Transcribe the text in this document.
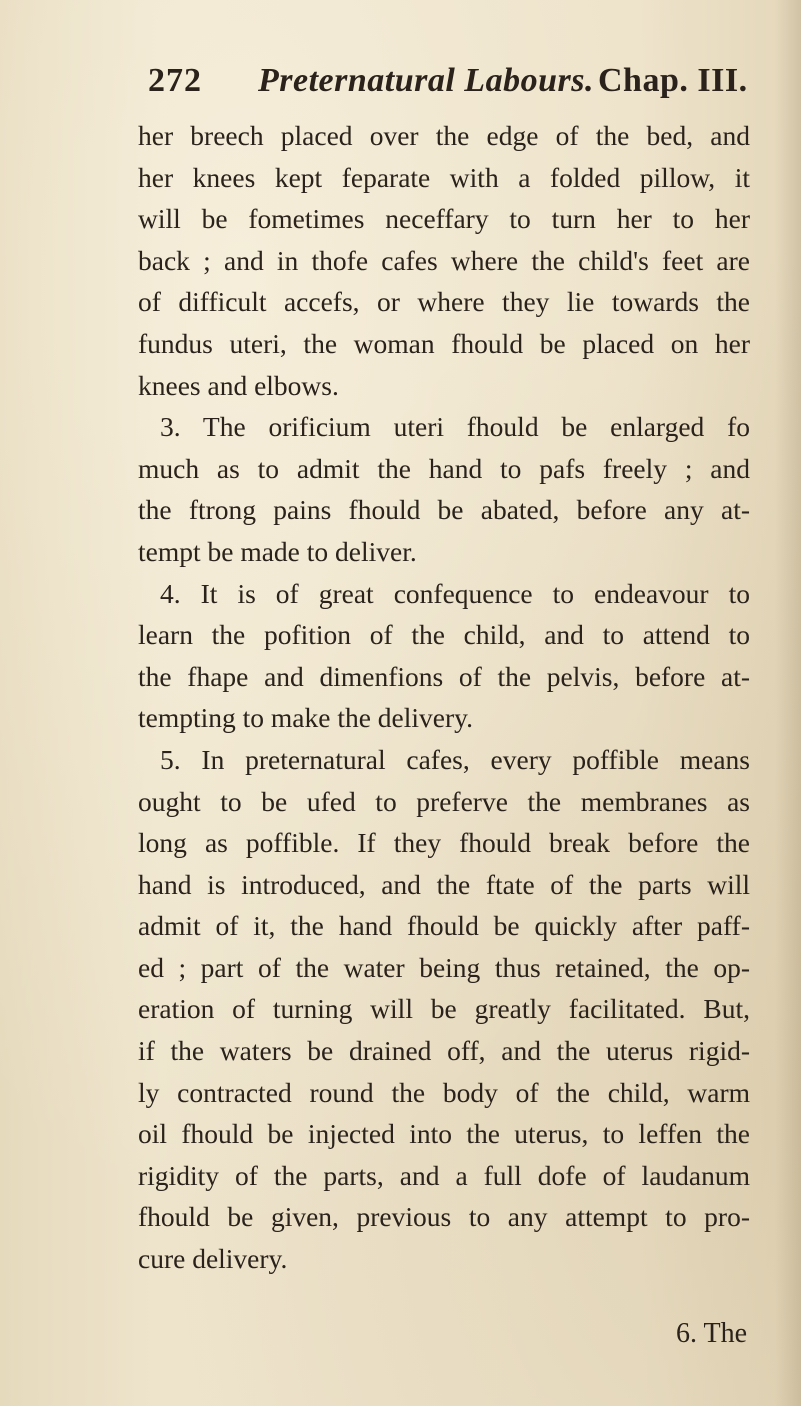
272 Preternatural Labours. Chap. III.
her breech placed over the edge of the bed, and
her knees kept feparate with a folded pillow, it
will be fometimes neceffary to turn her to her
back ; and in thofe cafes where the child's feet are
of difficult accefs, or where they lie towards the
fundus uteri, the woman fhould be placed on her
knees and elbows.
3. The orificium uteri fhould be enlarged fo
much as to admit the hand to pafs freely ; and
the ftrong pains fhould be abated, before any at-
tempt be made to deliver.
4. It is of great confequence to endeavour to
learn the pofition of the child, and to attend to
the fhape and dimenfions of the pelvis, before at-
tempting to make the delivery.
5. In preternatural cafes, every poffible means
ought to be ufed to preferve the membranes as
long as poffible. If they fhould break before the
hand is introduced, and the ftate of the parts will
admit of it, the hand fhould be quickly after paff-
ed ; part of the water being thus retained, the op-
eration of turning will be greatly facilitated. But,
if the waters be drained off, and the uterus rigid-
ly contracted round the body of the child, warm
oil fhould be injected into the uterus, to leffen the
rigidity of the parts, and a full dofe of laudanum
fhould be given, previous to any attempt to pro-
cure delivery.
6. The
